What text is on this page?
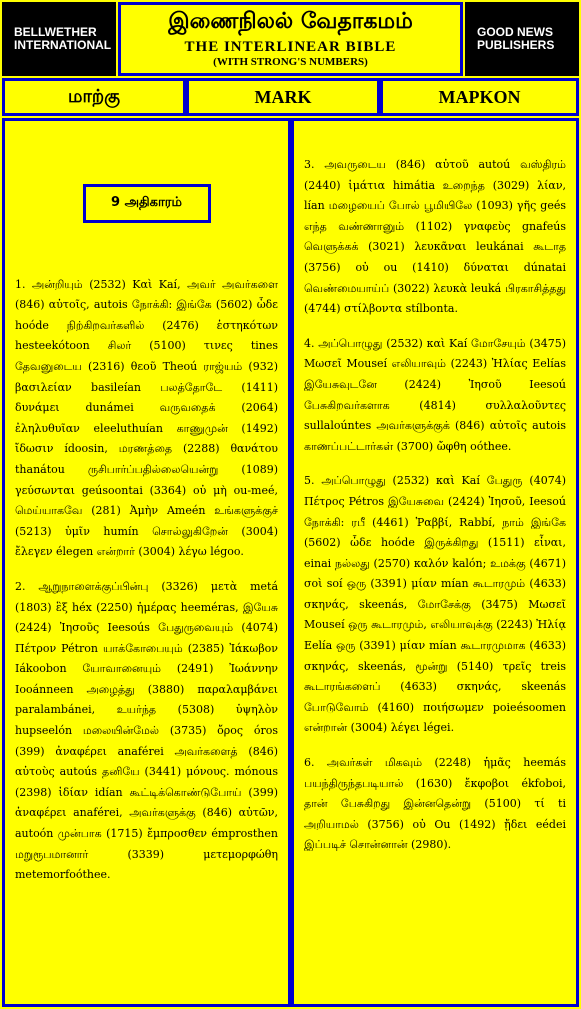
BELLWETHER INTERNATIONAL
இணைநிலல் வேதாகமம்
THE INTERLINEAR BIBLE
(WITH STRONG'S NUMBERS)
GOOD NEWS PUBLISHERS
மாற்கு	MARK	MAPKON
9 அதிகாரம்

1. அன்றியும் (2532) Καὶ Kaí, அவர் அவர்களை (846) αὐτοῖς, autois நோக்கி: இங்கே (5602) ὧδε hoóde நிற்கிறவர்களில் (2476) ἑστηκότων hesteekótoon சிலர் (5100) τινες tines தேவனுடைய (2316) θεοῦ Theoú ராஜ்யம் (932) βασιλείαν basileían பலத்தோடே (1411) δυνάμει dunámei வருவதைக் (2064) ἐληλυθυῖαν eleeluthuían காணுமுன் (1492) ἴδωσιν ídoosin, மரணத்தை (2288) θανάτου thanátou ருசிபார்ப்பதில்லையென்று (1089) γεύσωνται geúsoontai (3364) οὐ μὴ ou-meé, மெய்யாகவே (281) Ἀμὴν Ameén உங்களுக்குச் (5213) ὑμῖν humín சொல்லுகிறேன் (3004) ἔλεγεν élegen என்றார் (3004) λέγω légoo.

2. ஆறுநாளைக்குப்பின்பு (3326) μετὰ metá (1803) ἓξ héx (2250) ἡμέρας heeméras, இயேசு (2424) Ἰησοῦς Ieesoús பேதுருவையும் (4074) Πέτρον Pétron யாக்கோபையும் (2385) Ἰάκωβον Iákoobon யோவானையும் (2491) Ἰωάννην Iooánneen அழைத்து (3880) παραλαμβάνει paralambánei, உயர்ந்த (5308) ὑψηλὸν hupseelón மலையின்மேல் (3735) ὄρος óros (399) ἀναφέρει anaférei அவர்களைத் (846) αὐτοὺς autoús தனியே (3441) μόνους. mónous (2398) ἰδίαν idían கூட்டிக்கொண்டுபோய் (399) ἀναφέρει anaférei, அவர்களுக்கு (846) αὐτῶν, autoón முன்பாக (1715) ἔμπροσθεν émprosthen மறுரூபமானார் (3339) μετεμορφώθη metemorfoóthee.

3. அவருடைய (846) αὐτοῦ autoú வஸ்திரம் (2440) ἱμάτια himátia உறைந்த (3029) λίαν, lían மழையைப் போல் பூமியிலே (1093) γῆς geés எந்த வண்ணானும் (1102) γναφεὺς gnafeús வெளுக்கக் (3021) λευκᾶναι leukánai கூடாத (3756) οὐ ou (1410) δύναται dúnatai வெண்மையாய்ப் (3022) λευκὰ leuká பிரகாசித்தது (4744) στίλβοντα stílbonta.

4. அப்பொழுது (2532) καὶ Kaí மோசேயும் (3475) Μωσεῖ Mouseí எலியாவும் (2243) Ἠλίας Eelías இயேசுவுடனே (2424) Ἰησοῦ Ieesoú பேசுகிறவர்களாக (4814) συλλαλοῦντες sullaloúntes அவர்களுக்குக் (846) αὐτοῖς autois காணப்பட்டார்கள் (3700) ὤφθη oóthee.

5. அப்பொழுது (2532) καὶ Kaí பேதுரு (4074) Πέτρος Pétros இயேசுவை (2424) Ἰησοῦ, Ieesoú நோக்கி: ரபீ (4461) Ῥαββί, Rabbí, நாம் இங்கே (5602) ὧδε hoóde இருக்கிறது (1511) εἶναι, einai நல்லது (2570) καλόν kalón; உமக்கு (4671) σοὶ soí ஒரு (3391) μίαν mían கூடாரமும் (4633) σκηνάς, skeenás, மோசேக்கு (3475) Μωσεῖ Mouseí ஒரு கூடாரமும், எலியாவுக்கு (2243) Ἠλίᾳ Eelía ஒரு (3391) μίαν mían கூடாரமுமாக (4633) σκηνάς, skeenás, மூன்று (5140) τρεῖς treis கூடாரங்களைப் (4633) σκηνάς, skeenás போடுவோம் (4160) ποιήσωμεν poieésoomen என்றான் (3004) λέγει légei.

6. அவர்கள் மிகவும் (2248) ἡμᾶς heemás பயந்திருந்தபடியால் (1630) ἔκφοβοι ékfoboi, தான் பேசுகிறது இன்னதென்று (5100) τί ti அறியாமல் (3756) οὐ Ou (1492) ᾔδει eédei இப்படிச் சொன்னான் (2980).
